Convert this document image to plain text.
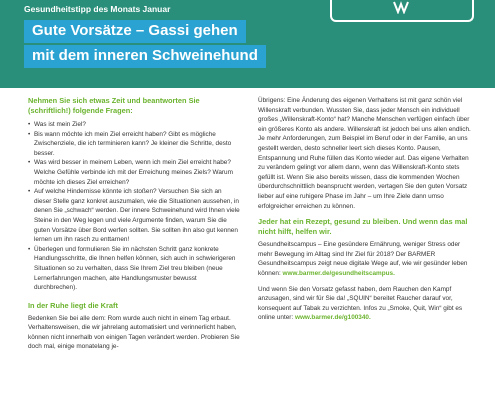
Gesundheitstipp des Monats Januar
Gute Vorsätze – Gassi gehen
mit dem inneren Schweinehund

Nehmen Sie sich etwas Zeit und beantworten Sie (schriftlich!) folgende Fragen:

• Was ist mein Ziel?
• Bis wann möchte ich mein Ziel erreicht haben? Gibt es mögliche Zwischenziele, die ich terminieren kann? Je kleiner die Schritte, desto besser.
• Was wird besser in meinem Leben, wenn ich mein Ziel erreicht habe? Welche Gefühle verbinde ich mit der Erreichung meines Ziels? Warum möchte ich dieses Ziel erreichen?
• Auf welche Hindernisse könnte ich stoßen? Versuchen Sie sich an dieser Stelle ganz konkret auszumalen, wie die Situationen aussehen, in denen Sie „schwach“ werden. Der innere Schweinehund wird Ihnen viele Steine in den Weg legen und viele Argumente finden, warum Sie die guten Vorsätze über Bord werfen sollten. Sie sollten ihn also gut kennen lernen um ihn rasch zu enttarnen!
• Überlegen und formulieren Sie im nächsten Schritt ganz konkrete Handlungsschritte, die Ihnen helfen können, sich auch in schwierigeren Situationen so zu verhalten, dass Sie Ihrem Ziel treu bleiben (neue Lernerfahrungen machen, alte Handlungsmuster bewusst durchbrechen).

In der Ruhe liegt die Kraft

Bedenken Sie bei alle dem: Rom wurde auch nicht in einem Tag erbaut. Verhaltensweisen, die wir jahrelang automatisiert und verinnerlicht haben, können nicht innerhalb von einigen Tagen verändert werden. Probieren Sie doch mal, einige monatelang je-

Übrigens: Eine Änderung des eigenen Verhaltens ist mit ganz schön viel Willenskraft verbunden. Wussten Sie, dass jeder Mensch ein individuell großes „Willenskraft-Konto“ hat? Manche Menschen verfügen einfach über ein größeres Konto als andere. Willenskraft ist jedoch bei uns allen endlich. Je mehr Anforderungen, zum Beispiel im Beruf oder in der Familie, an uns gestellt werden, desto schneller leert sich dieses Konto. Pausen, Entspannung und Ruhe füllen das Konto wieder auf. Das eigene Verhalten zu verändern gelingt vor allem dann, wenn das Willenskraft-Konto stets gefüllt ist. Wenn Sie also bereits wissen, dass die kommenden Wochen überdurchschnittlich beansprucht werden, vertagen Sie den guten Vorsatz lieber auf eine ruhigere Phase im Jahr – um Ihre Ziele dann umso erfolgreicher erreichen zu können.

Jeder hat ein Rezept, gesund zu bleiben. Und wenn das mal nicht hilft, helfen wir.

Gesundheitscampus – Eine gesündere Ernährung, weniger Stress oder mehr Bewegung im Alltag sind Ihr Ziel für 2018? Der BARMER Gesundheitscampus zeigt neue digitale Wege auf, wie wir gesünder leben können: www.barmer.de/gesundheitscampus.

Und wenn Sie den Vorsatz gefasst haben, dem Rauchen den Kampf anzusagen, sind wir für Sie da! „SQUIN“ bereitet Raucher darauf vor, konsequent auf Tabak zu verzichten. Infos zu „Smoke, Quit, Win“ gibt es online unter: www.barmer.de/g100340.
